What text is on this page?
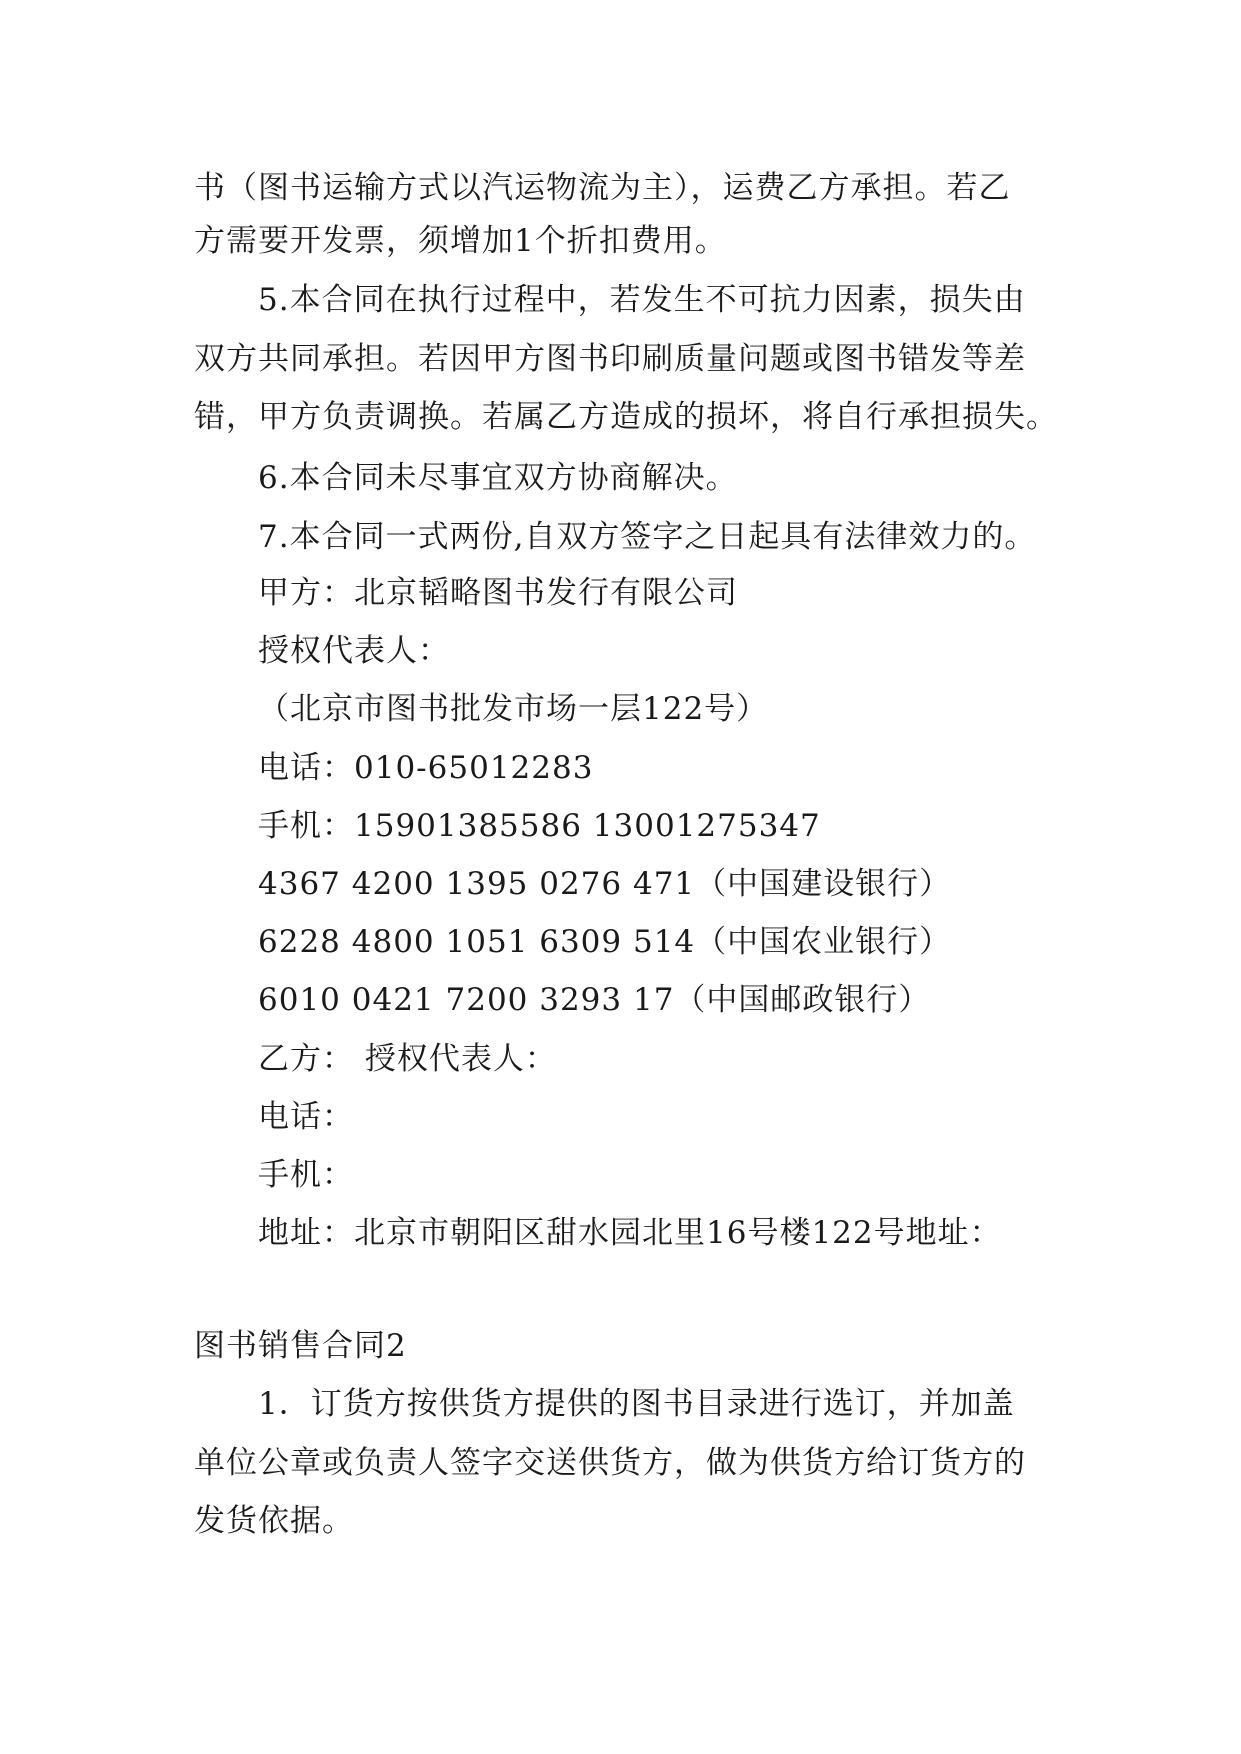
书（图书运输方式以汽运物流为主），运费乙方承担。若乙
方需要开发票，须增加1个折扣费用。
5.本合同在执行过程中，若发生不可抗力因素，损失由
双方共同承担。若因甲方图书印刷质量问题或图书错发等差
错，甲方负责调换。若属乙方造成的损坏，将自行承担损失。
6.本合同未尽事宜双方协商解决。
7.本合同一式两份,自双方签字之日起具有法律效力的。
甲方：北京韬略图书发行有限公司
授权代表人：
（北京市图书批发市场一层122号）
电话：010-65012283
手机：15901385586 13001275347
4367 4200 1395 0276 471（中国建设银行）
6228 4800 1051 6309 514（中国农业银行）
6010 0421 7200 3293 17（中国邮政银行）
乙方： 授权代表人：
电话：
手机：
地址：北京市朝阳区甜水园北里16号楼122号地址：
图书销售合同2
1．订货方按供货方提供的图书目录进行选订，并加盖
单位公章或负责人签字交送供货方，做为供货方给订货方的
发货依据。
